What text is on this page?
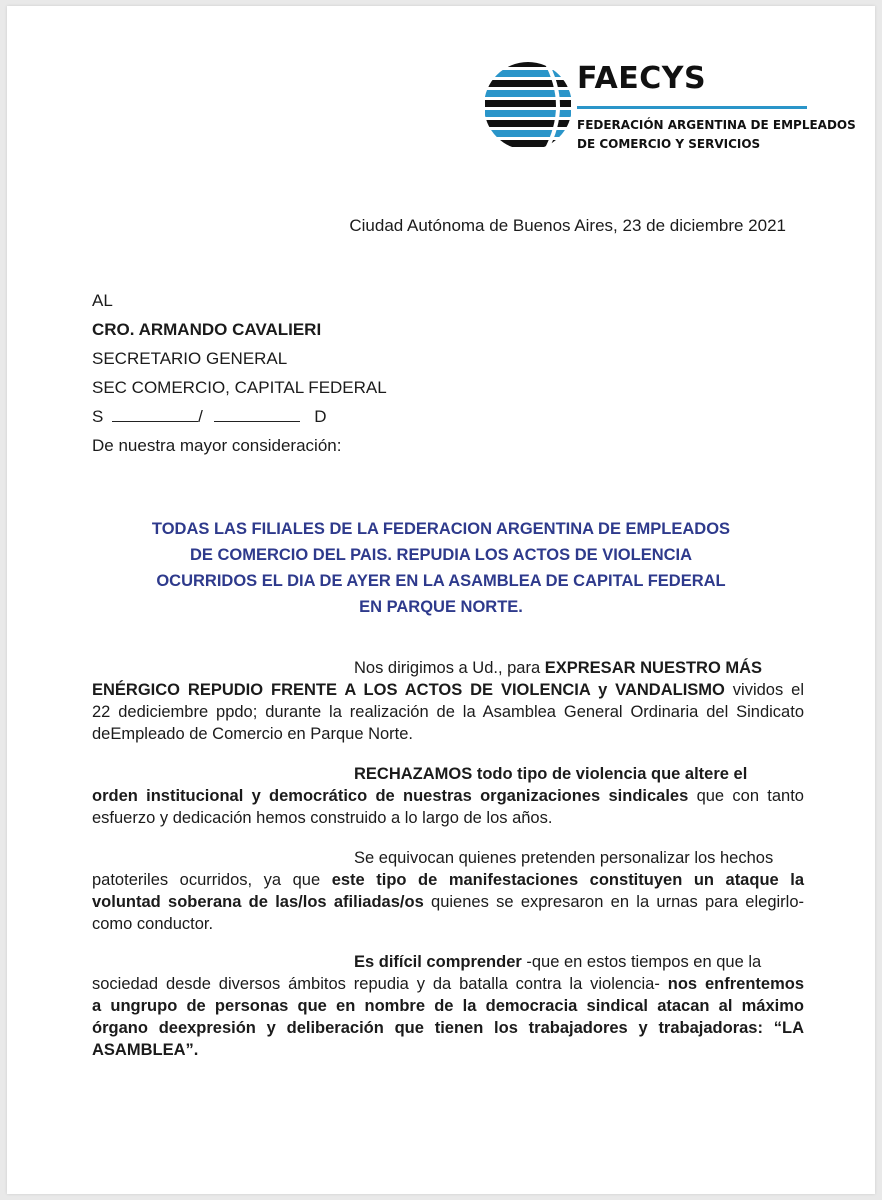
FAECYS
FEDERACIÓN ARGENTINA DE EMPLEADOS
DE COMERCIO Y SERVICIOS
Ciudad Autónoma de Buenos Aires, 23 de diciembre 2021
AL
CRO. ARMANDO CAVALIERI
SECRETARIO GENERAL
SEC COMERCIO, CAPITAL FEDERAL
S	/	D
De nuestra mayor consideración:
TODAS LAS FILIALES DE LA FEDERACION ARGENTINA DE EMPLEADOS
DE COMERCIO DEL PAIS. REPUDIA LOS ACTOS DE VIOLENCIA
OCURRIDOS EL DIA DE AYER EN LA ASAMBLEA DE CAPITAL FEDERAL
EN PARQUE NORTE.
Nos dirigimos a Ud., para EXPRESAR NUESTRO MÁS
ENÉRGICO REPUDIO FRENTE A LOS ACTOS DE VIOLENCIA y VANDALISMO vividos el
22 dediciembre ppdo; durante la realización de la Asamblea General Ordinaria del Sindicato
deEmpleado de Comercio en Parque Norte.
RECHAZAMOS todo tipo de violencia que altere el
orden institucional y democrático de nuestras organizaciones sindicales que con tanto
esfuerzo y dedicación hemos construido a lo largo de los años.
Se equivocan quienes pretenden personalizar los hechos
patoteriles ocurridos, ya que este tipo de manifestaciones constituyen un ataque la
voluntad soberana de las/los afiliadas/os quienes se expresaron en la urnas para elegirlo-
como conductor.
Es difícil comprender -que en estos tiempos en que la
sociedad desde diversos ámbitos repudia y da batalla contra la violencia- nos enfrentemos
a ungrupo de personas que en nombre de la democracia sindical atacan al máximo
órgano deexpresión y deliberación que tienen los trabajadores y trabajadoras: “LA
ASAMBLEA”.
